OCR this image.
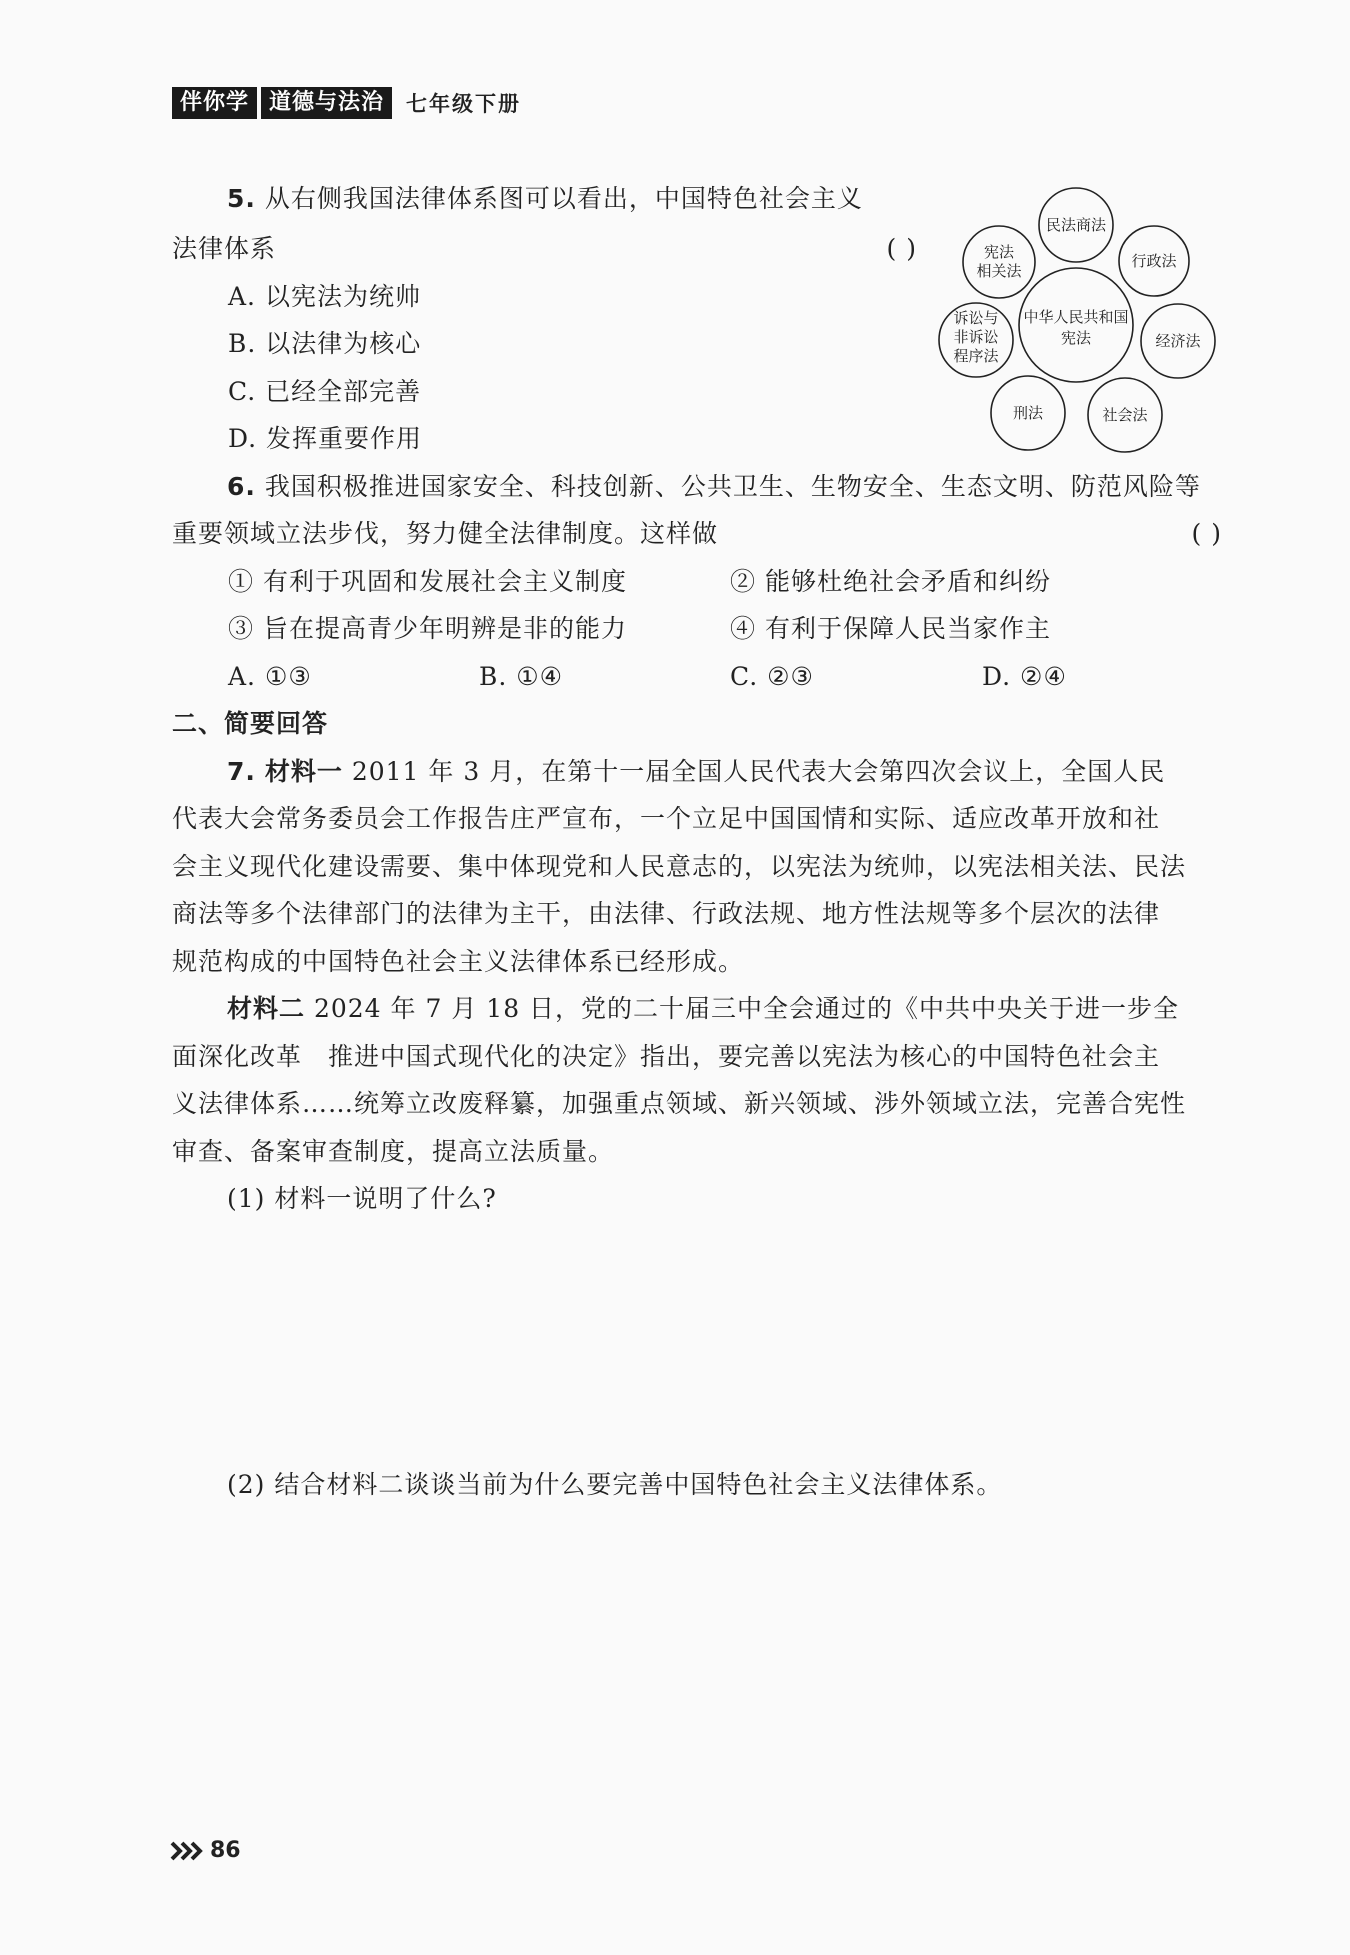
伴你学 道德与法治	七年级下册
5. 从右侧我国法律体系图可以看出，中国特色社会主义
法律体系	( )
A. 以宪法为统帅
B. 以法律为核心
C. 已经全部完善
D. 发挥重要作用
民法商法
行政法
经济法
社会法
刑法
诉讼与
非诉讼
程序法
宪法
相关法
中华人民共和国
宪法
6. 我国积极推进国家安全、科技创新、公共卫生、生物安全、生态文明、防范风险等
重要领域立法步伐，努力健全法律制度。这样做	( )
① 有利于巩固和发展社会主义制度	② 能够杜绝社会矛盾和纠纷
③ 旨在提高青少年明辨是非的能力	④ 有利于保障人民当家作主
A. ①③	B. ①④	C. ②③	D. ②④
二、简要回答
7. 材料一 2011 年 3 月，在第十一届全国人民代表大会第四次会议上，全国人民
代表大会常务委员会工作报告庄严宣布，一个立足中国国情和实际、适应改革开放和社
会主义现代化建设需要、集中体现党和人民意志的，以宪法为统帅，以宪法相关法、民法
商法等多个法律部门的法律为主干，由法律、行政法规、地方性法规等多个层次的法律
规范构成的中国特色社会主义法律体系已经形成。
材料二 2024 年 7 月 18 日，党的二十届三中全会通过的《中共中央关于进一步全
面深化改革　推进中国式现代化的决定》指出，要完善以宪法为核心的中国特色社会主
义法律体系……统筹立改废释纂，加强重点领域、新兴领域、涉外领域立法，完善合宪性
审查、备案审查制度，提高立法质量。
(1) 材料一说明了什么?
(2) 结合材料二谈谈当前为什么要完善中国特色社会主义法律体系。
86
